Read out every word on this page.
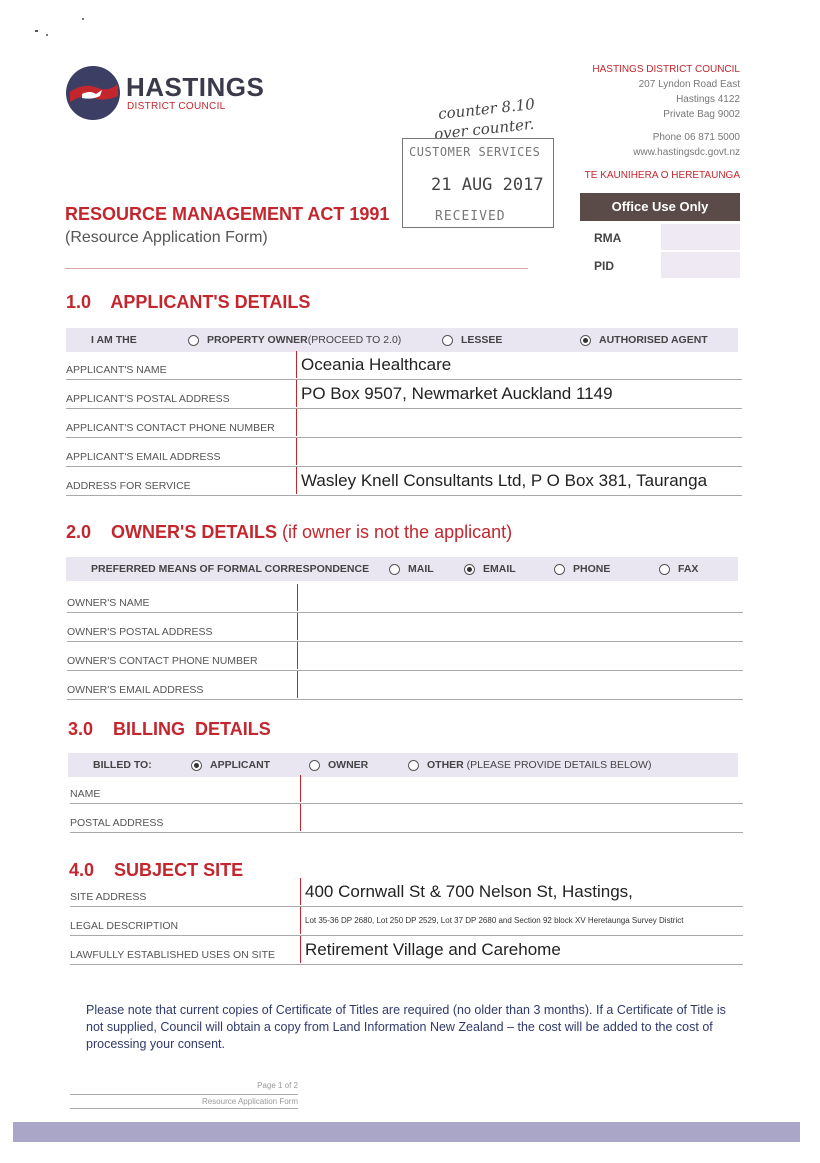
HASTINGS
DISTRICT COUNCIL
HASTINGS DISTRICT COUNCIL
207 Lyndon Road East
Hastings 4122
Private Bag 9002
Phone 06 871 5000
www.hastingsdc.govt.nz
TE KAUNIHERA O HERETAUNGA
counter 8.10
over counter.
CUSTOMER SERVICES
21 AUG 2017
RECEIVED
RESOURCE MANAGEMENT ACT 1991
(Resource Application Form)
Office Use Only
RMA
PID
1.0 APPLICANT'S DETAILS
I AM THE	PROPERTY OWNER (PROCEED TO 2.0)	LESSEE	AUTHORISED AGENT
APPLICANT'S NAME	Oceania Healthcare
APPLICANT'S POSTAL ADDRESS	PO Box 9507, Newmarket Auckland 1149
APPLICANT'S CONTACT PHONE NUMBER
APPLICANT'S EMAIL ADDRESS
ADDRESS FOR SERVICE	Wasley Knell Consultants Ltd, P O Box 381, Tauranga
2.0 OWNER'S DETAILS (if owner is not the applicant)
PREFERRED MEANS OF FORMAL CORRESPONDENCE	MAIL	EMAIL	PHONE	FAX
OWNER'S NAME
OWNER'S POSTAL ADDRESS
OWNER'S CONTACT PHONE NUMBER
OWNER'S EMAIL ADDRESS
3.0 BILLING  DETAILS
BILLED TO:	APPLICANT	OWNER	OTHER
(PLEASE PROVIDE DETAILS BELOW)
NAME
POSTAL ADDRESS
4.0 SUBJECT SITE
SITE ADDRESS	400 Cornwall St & 700 Nelson St, Hastings,
LEGAL DESCRIPTION	Lot 35-36 DP 2680, Lot 250 DP 2529, Lot 37 DP 2680 and Section 92 block XV Heretaunga Survey District
LAWFULLY ESTABLISHED USES ON SITE Retirement Village and Carehome
Please note that current copies of Certificate of Titles are required (no older than 3 months). If a Certificate of Title is not supplied, Council will obtain a copy from Land Information New Zealand – the cost will be added to the cost of processing your consent.
Page 1 of 2
Resource Application Form
